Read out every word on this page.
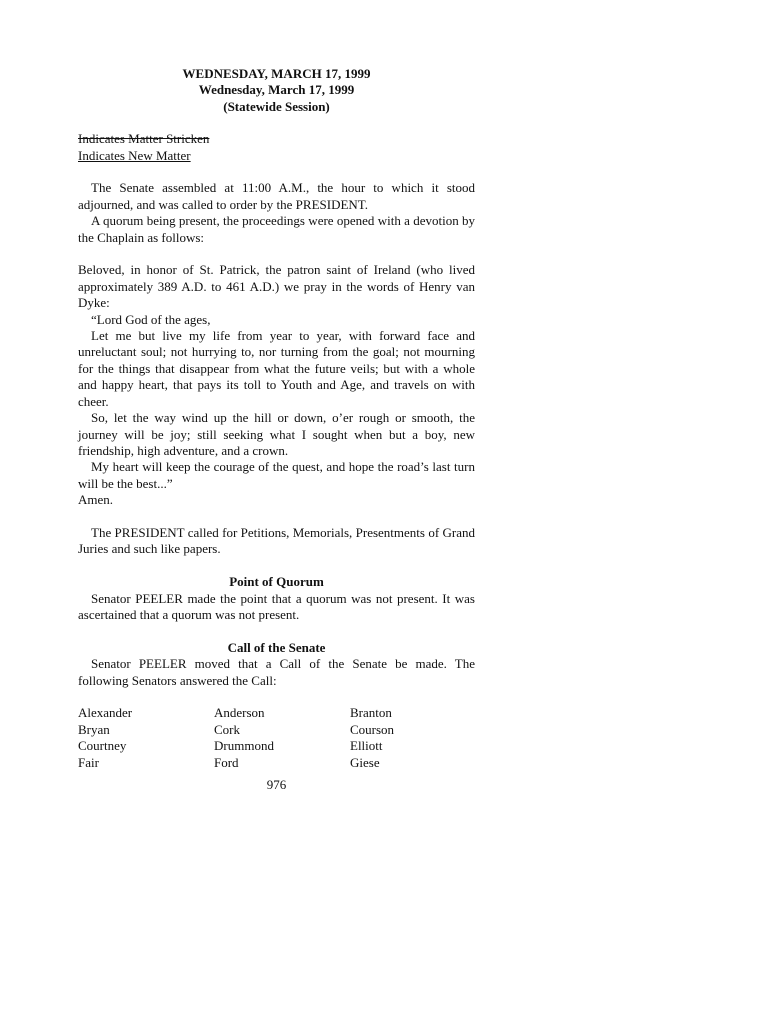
WEDNESDAY, MARCH 17, 1999
Wednesday, March 17, 1999
(Statewide Session)
Indicates Matter Stricken
Indicates New Matter

The Senate assembled at 11:00 A.M., the hour to which it stood adjourned, and was called to order by the PRESIDENT.

A quorum being present, the proceedings were opened with a devotion by the Chaplain as follows:

Beloved, in honor of St. Patrick, the patron saint of Ireland (who lived approximately 389 A.D. to 461 A.D.) we pray in the words of Henry van Dyke:

“Lord God of the ages,

Let me but live my life from year to year, with forward face and unreluctant soul; not hurrying to, nor turning from the goal; not mourning for the things that disappear from what the future veils; but with a whole and happy heart, that pays its toll to Youth and Age, and travels on with cheer.

So, let the way wind up the hill or down, o’er rough or smooth, the journey will be joy; still seeking what I sought when but a boy, new friendship, high adventure, and a crown.

My heart will keep the courage of the quest, and hope the road’s last turn will be the best...”

Amen.

The PRESIDENT called for Petitions, Memorials, Presentments of Grand Juries and such like papers.

Point of Quorum

Senator PEELER made the point that a quorum was not present. It was ascertained that a quorum was not present.

Call of the Senate

Senator PEELER moved that a Call of the Senate be made. The following Senators answered the Call:

Alexander	Anderson	Branton
Bryan	Cork	Courson
Courtney	Drummond	Elliott
Fair	Ford	Giese
976
